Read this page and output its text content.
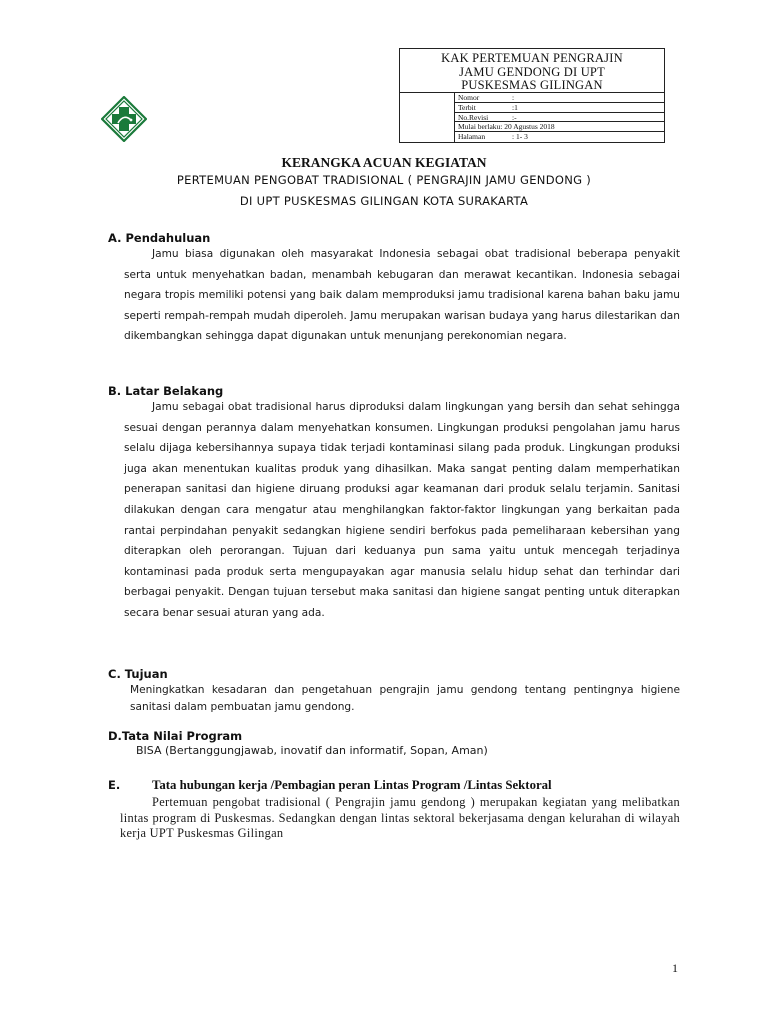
KAK PERTEMUAN PENGRAJIN
JAMU GENDONG DI UPT
PUSKESMAS GILINGAN
Nomor	:
Terbit	:1
No.Revisi	:-
Mulai berlaku: 20 Agustus 2018
Halaman	: 1- 3
KERANGKA ACUAN KEGIATAN
PERTEMUAN PENGOBAT TRADISIONAL ( PENGRAJIN JAMU GENDONG )
DI UPT PUSKESMAS GILINGAN KOTA SURAKARTA
A. Pendahuluan

Jamu biasa digunakan oleh masyarakat Indonesia sebagai obat tradisional beberapa penyakit serta untuk menyehatkan badan, menambah kebugaran dan merawat kecantikan. Indonesia sebagai negara tropis memiliki potensi yang baik dalam memproduksi jamu tradisional karena bahan baku jamu seperti rempah-rempah mudah diperoleh. Jamu merupakan warisan budaya yang harus dilestarikan dan dikembangkan sehingga dapat digunakan untuk menunjang perekonomian negara.

B. Latar Belakang

Jamu sebagai obat tradisional harus diproduksi dalam lingkungan yang bersih dan sehat sehingga sesuai dengan perannya dalam menyehatkan konsumen. Lingkungan produksi pengolahan jamu harus selalu dijaga kebersihannya supaya tidak terjadi kontaminasi silang pada produk. Lingkungan produksi juga akan menentukan kualitas produk yang dihasilkan. Maka sangat penting dalam memperhatikan penerapan sanitasi dan higiene diruang produksi agar keamanan dari produk selalu terjamin. Sanitasi dilakukan dengan cara mengatur atau menghilangkan faktor-faktor lingkungan yang berkaitan pada rantai perpindahan penyakit sedangkan higiene sendiri berfokus pada pemeliharaan kebersihan yang diterapkan oleh perorangan. Tujuan dari keduanya pun sama yaitu untuk mencegah terjadinya kontaminasi pada produk serta mengupayakan agar manusia selalu hidup sehat dan terhindar dari berbagai penyakit. Dengan tujuan tersebut maka sanitasi dan higiene sangat penting untuk diterapkan secara benar sesuai aturan yang ada.

C. Tujuan

Meningkatkan kesadaran dan pengetahuan pengrajin jamu gendong tentang pentingnya higiene sanitasi dalam pembuatan jamu gendong.

D.Tata Nilai Program
BISA (Bertanggungjawab, inovatif dan informatif, Sopan, Aman)
E. Tata hubungan kerja /Pembagian peran Lintas Program /Lintas Sektoral

Pertemuan pengobat tradisional ( Pengrajin jamu gendong ) merupakan kegiatan yang melibatkan lintas program di Puskesmas. Sedangkan dengan lintas sektoral bekerjasama dengan kelurahan di wilayah kerja UPT Puskesmas Gilingan

1
